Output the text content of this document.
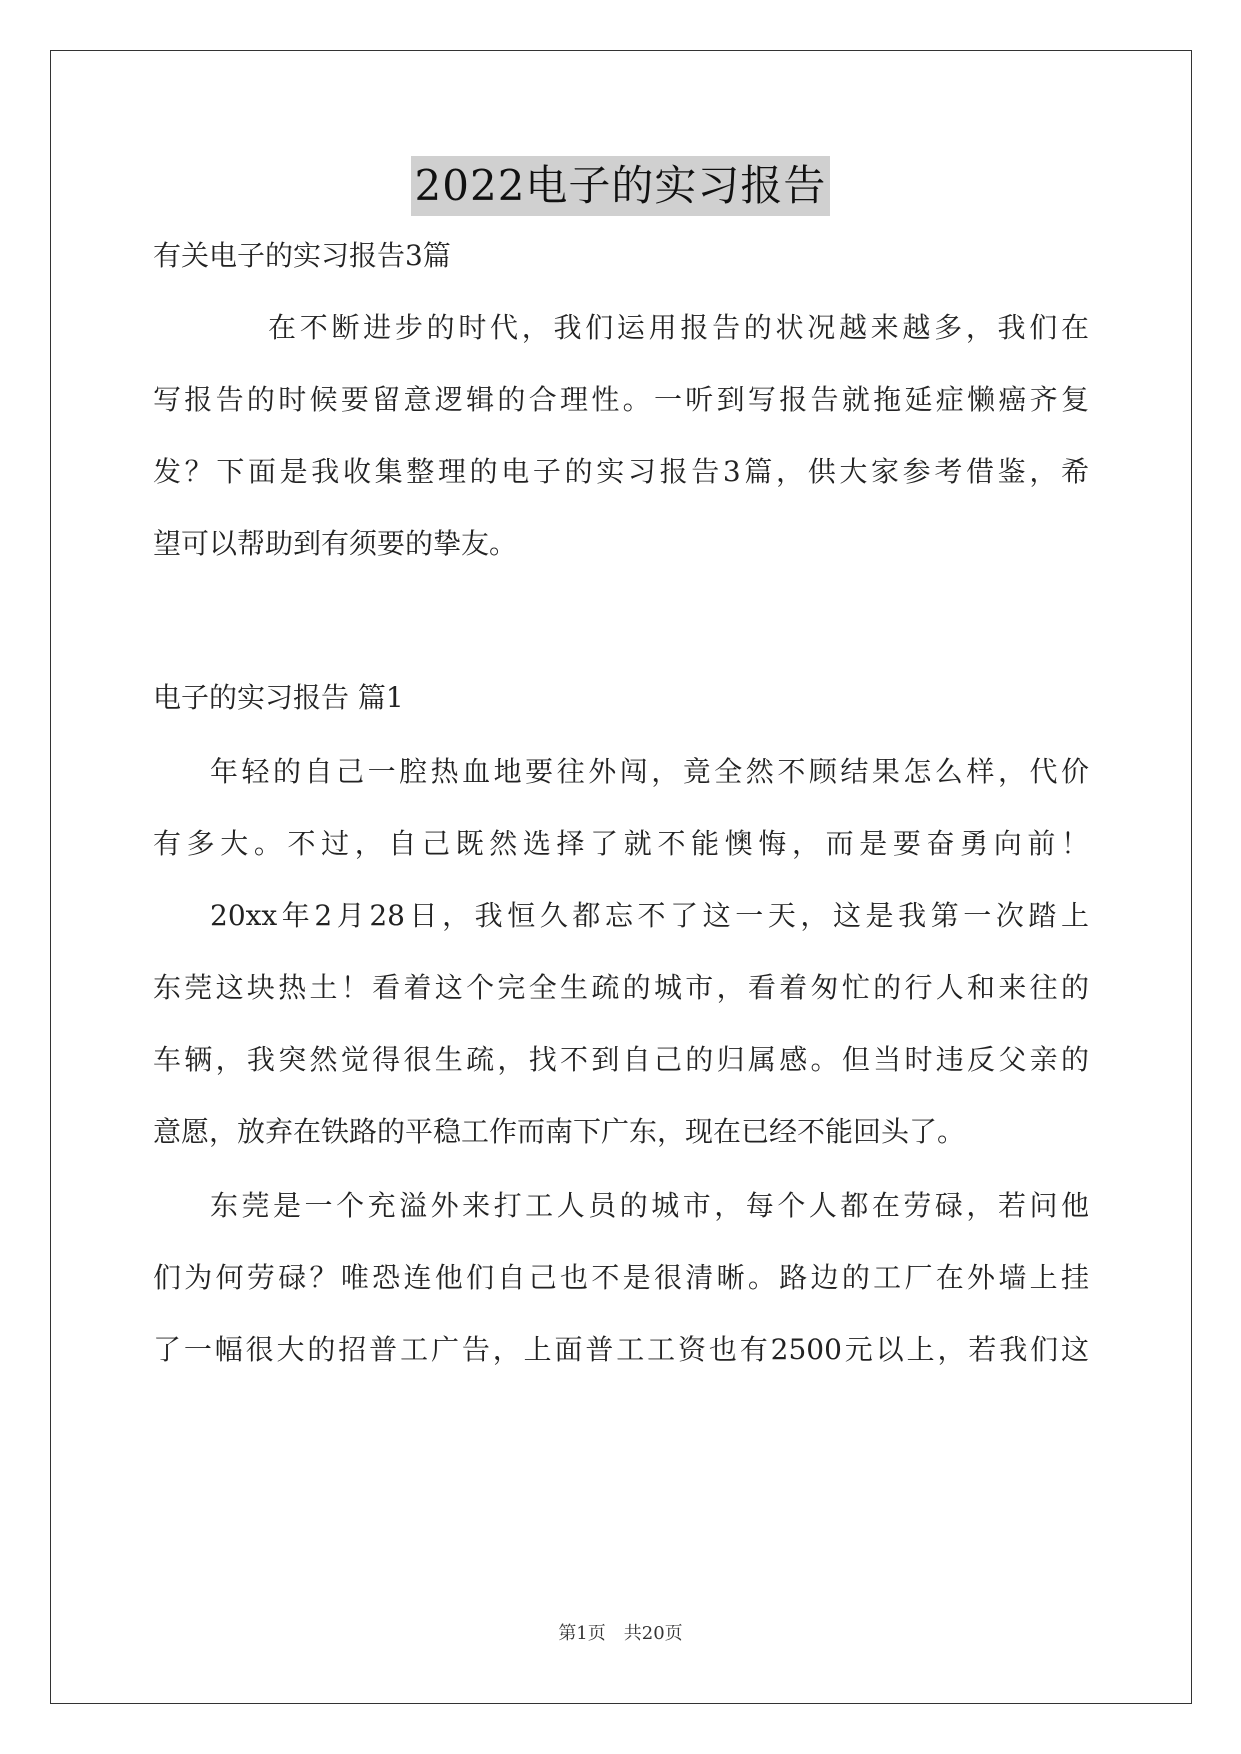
2022电子的实习报告
有关电子的实习报告3篇
在不断进步的时代，我们运用报告的状况越来越多，我们在
写报告的时候要留意逻辑的合理性。一听到写报告就拖延症懒癌齐复
发？下面是我收集整理的电子的实习报告3篇，供大家参考借鉴，希
望可以帮助到有须要的挚友。
电子的实习报告 篇1
年轻的自己一腔热血地要往外闯，竟全然不顾结果怎么样，代价
有多大。不过，自己既然选择了就不能懊悔，而是要奋勇向前！
20xx年2月28日，我恒久都忘不了这一天，这是我第一次踏上
东莞这块热土！看着这个完全生疏的城市，看着匆忙的行人和来往的
车辆，我突然觉得很生疏，找不到自己的归属感。但当时违反父亲的
意愿，放弃在铁路的平稳工作而南下广东，现在已经不能回头了。
东莞是一个充溢外来打工人员的城市，每个人都在劳碌，若问他
们为何劳碌？唯恐连他们自己也不是很清晰。路边的工厂在外墙上挂
了一幅很大的招普工广告，上面普工工资也有2500元以上，若我们这
第1页　共20页
